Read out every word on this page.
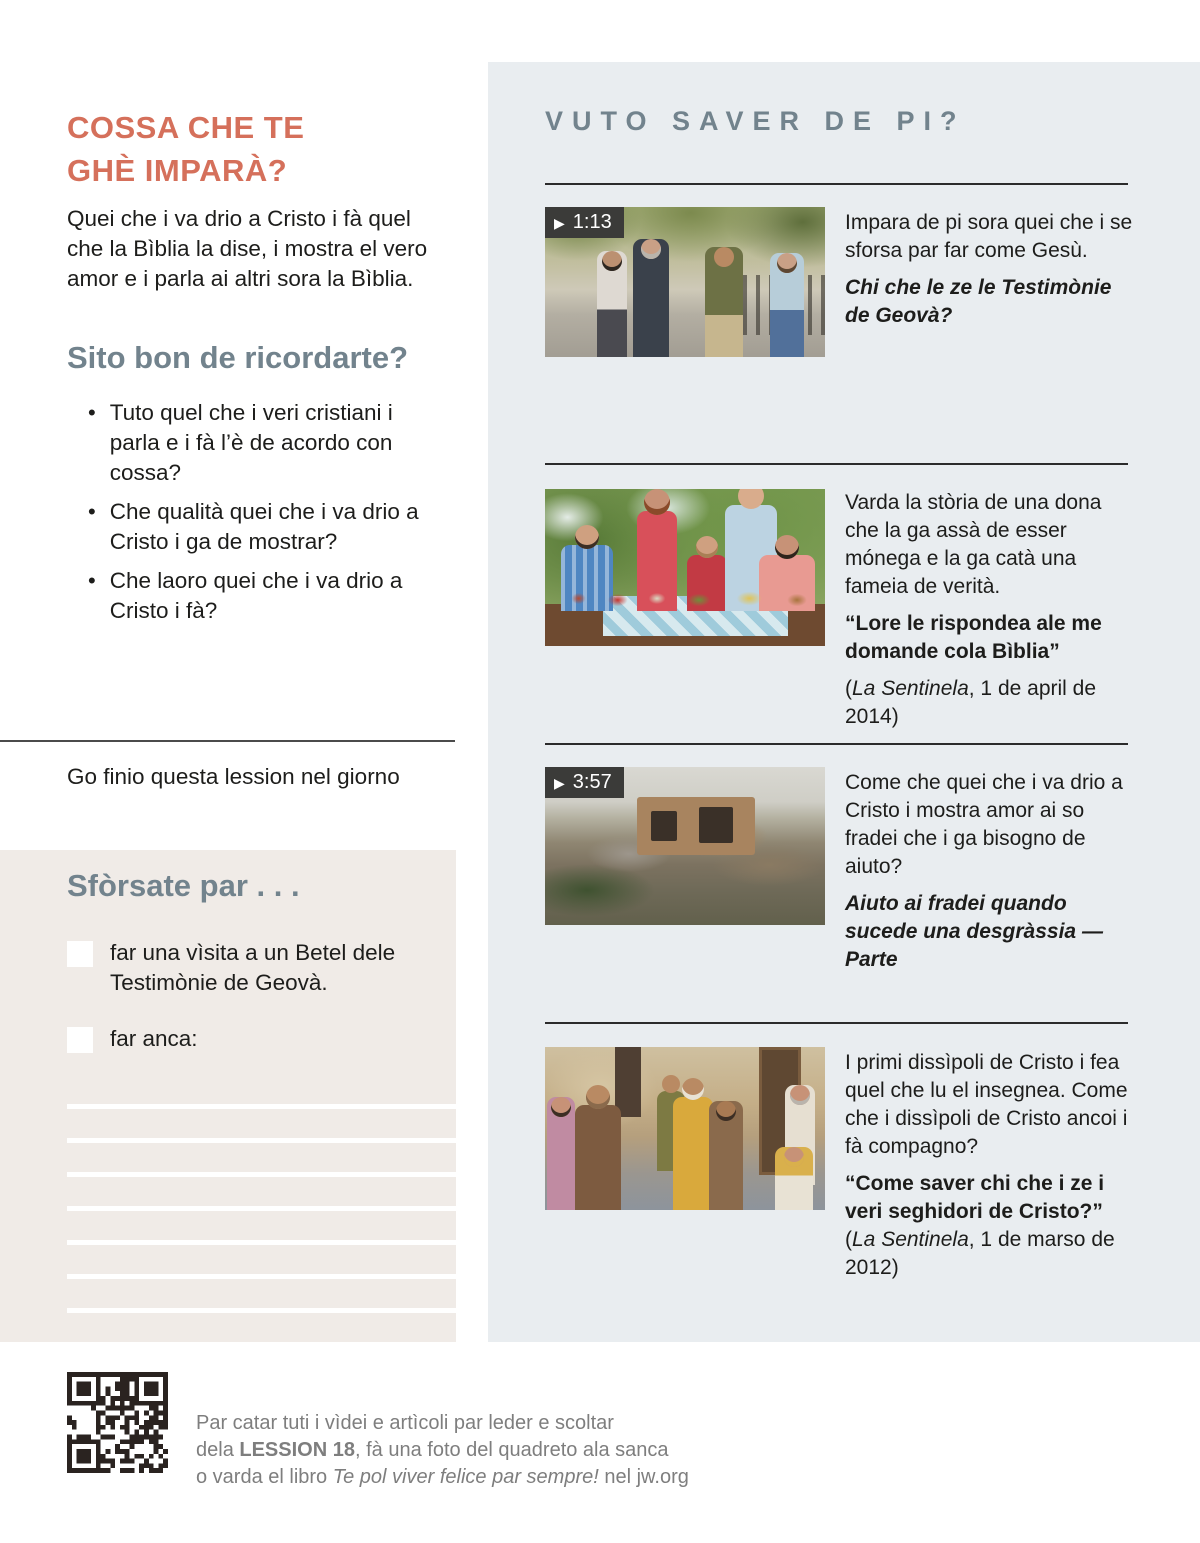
COSSA CHE TE
GHÈ IMPARÀ?
Quei che i va drio a Cristo i fà quel che la Bìblia la dise, i mostra el vero amor e i parla ai altri sora la Bìblia.
Sito bon de ricordarte?
• Tuto quel che i veri cristiani i parla e i fà l’è de acordo con cossa?
• Che qualità quei che i va drio a Cristo i ga de mostrar?
• Che laoro quei che i va drio a Cristo i fà?
Go finio questa lession nel giorno
Sfòrsate par . . .
far una vìsita a un Betel dele Testimònie de Geovà.
far anca:
VUTO SAVER DE PI?
▶ 1:13	Impara de pi sora quei che i se sforsa par far come Gesù.

Chi che le ze le Testimònie de Geovà?

Varda la stòria de una dona che la ga assà de esser mónega e la ga catà una fameia de verità.

“Lore le rispondea ale me domande cola Bìblia”

(La Sentinela, 1 de april de 2014)

▶ 3:57	Come che quei che i va drio a Cristo i mostra amor ai so fradei che i ga bisogno de aiuto?

Aiuto ai fradei quando sucede una desgràssia — Parte

I primi dissìpoli de Cristo i fea quel che lu el insegnea. Come che i dissìpoli de Cristo ancoi i fà compagno?

“Come saver chi che i ze i veri seghidori de Cristo?” (La Sentinela, 1 de marso de 2012)

Par catar tuti i vìdei e artìcoli par leder e scoltar
dela LESSION 18, fà una foto del quadreto ala sanca
o varda el libro Te pol viver felice par sempre! nel jw.org
